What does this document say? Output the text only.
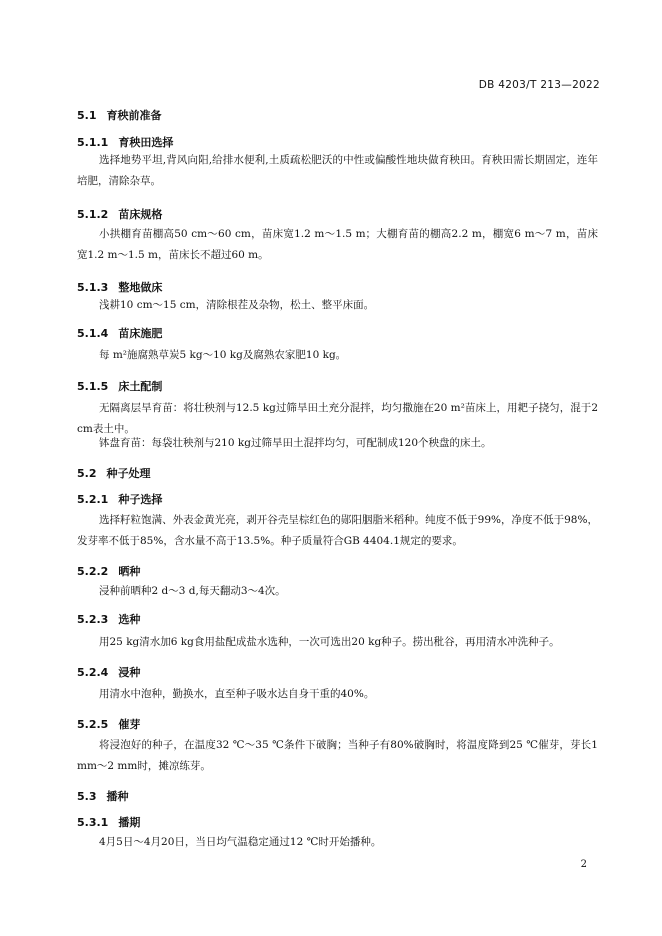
DB 4203/T 213—2022
5.1 育秧前准备
5.1.1 育秧田选择

选择地势平坦,背风向阳,给排水便利,土质疏松肥沃的中性或偏酸性地块做育秧田。育秧田需长期固定，连年培肥，清除杂草。

5.1.2 苗床规格

小拱棚育苗棚高50 cm～60 cm，苗床宽1.2 m～1.5 m；大棚育苗的棚高2.2 m，棚宽6 m～7 m，苗床宽1.2 m～1.5 m，苗床长不超过60 m。

5.1.3 整地做床

浅耕10 cm～15 cm，清除根茬及杂物，松土、整平床面。

5.1.4 苗床施肥

每 m²施腐熟草炭5 kg～10 kg及腐熟农家肥10 kg。

5.1.5 床土配制

无隔离层旱育苗：将壮秧剂与12.5 kg过筛旱田土充分混拌，均匀撒施在20 m²苗床上，用耙子挠匀，混于2 cm表土中。

钵盘育苗：每袋壮秧剂与210 kg过筛旱田土混拌均匀，可配制成120个秧盘的床土。

5.2 种子处理
5.2.1 种子选择

选择籽粒饱满、外表金黄光亮，剥开谷壳呈棕红色的郧阳胭脂米稻种。纯度不低于99%，净度不低于98%，发芽率不低于85%，含水量不高于13.5%。种子质量符合GB 4404.1规定的要求。

5.2.2 晒种

浸种前晒种2 d～3 d,每天翻动3～4次。

5.2.3 选种

用25 kg清水加6 kg食用盐配成盐水选种，一次可选出20 kg种子。捞出秕谷，再用清水冲洗种子。

5.2.4 浸种

用清水中泡种，勤换水，直至种子吸水达自身干重的40%。

5.2.5 催芽

将浸泡好的种子，在温度32 ℃～35 ℃条件下破胸；当种子有80%破胸时，将温度降到25 ℃催芽，芽长1 mm～2 mm时，摊凉练芽。

5.3 播种
5.3.1 播期

4月5日～4月20日，当日均气温稳定通过12 ℃时开始播种。

2
